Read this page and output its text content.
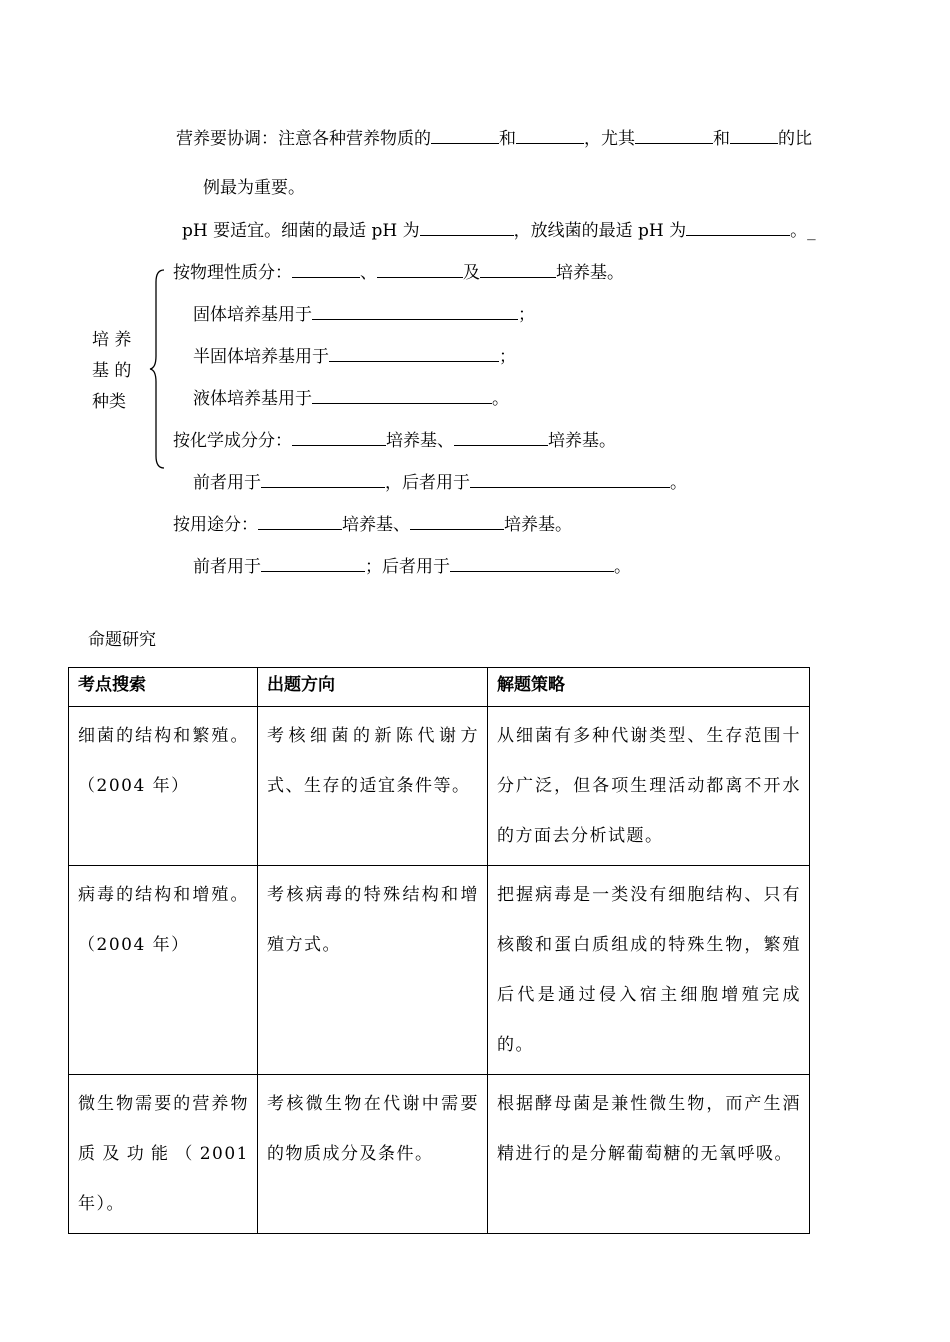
营养要协调：注意各种营养物质的	和	，尤其	和	的比
例最为重要。
pH 要适宜。细菌的最适 pH 为	，放线菌的最适 pH 为	。_
培 养
基 的
种类
按物理性质分：	、	及	培养基。
固体培养基用于	；
半固体培养基用于	；
液体培养基用于	。
按化学成分分：	培养基、	培养基。
前者用于	，后者用于	。
按用途分：	培养基、	培养基。
前者用于	；后者用于	。
命题研究
考点搜索	出题方向	解题策略
细菌的结构和繁殖。（2004 年）	考核细菌的新陈代谢方式、生存的适宜条件等。	从细菌有多种代谢类型、生存范围十分广泛，但各项生理活动都离不开水的方面去分析试题。
病毒的结构和增殖。（2004 年）	考核病毒的特殊结构和增殖方式。	把握病毒是一类没有细胞结构、只有核酸和蛋白质组成的特殊生物，繁殖后代是通过侵入宿主细胞增殖完成的。
微生物需要的营养物质及功能（2001 年）。	考核微生物在代谢中需要的物质成分及条件。	根据酵母菌是兼性微生物，而产生酒精进行的是分解葡萄糖的无氧呼吸。
